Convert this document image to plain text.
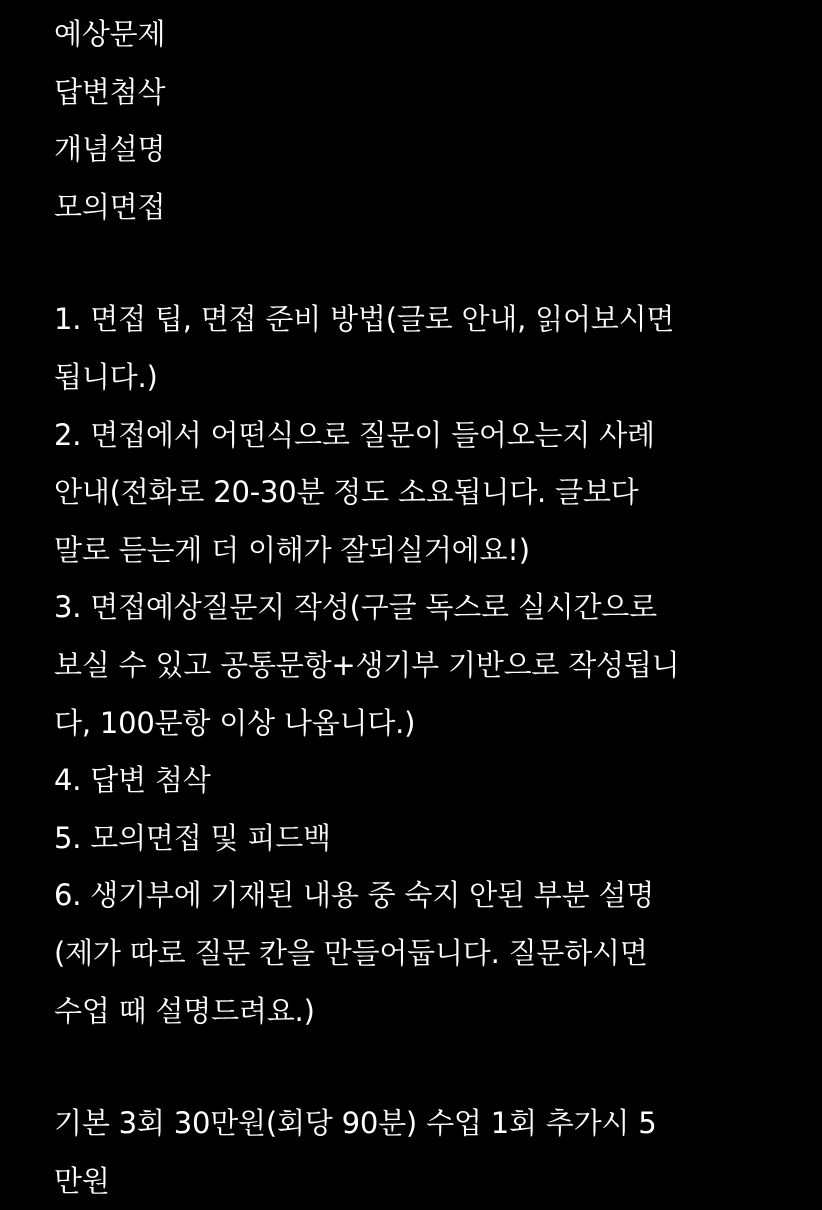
예상문제
답변첨삭
개념설명
모의면접
1. 면접 팁, 면접 준비 방법(글로 안내, 읽어보시면
됩니다.)
2. 면접에서 어떤식으로 질문이 들어오는지 사례
안내(전화로 20-30분 정도 소요됩니다. 글보다
말로 듣는게 더 이해가 잘되실거에요!)
3. 면접예상질문지 작성(구글 독스로 실시간으로
보실 수 있고 공통문항+생기부 기반으로 작성됩니
다, 100문항 이상 나옵니다.)
4. 답변 첨삭
5. 모의면접 및 피드백
6. 생기부에 기재된 내용 중 숙지 안된 부분 설명
(제가 따로 질문 칸을 만들어둡니다. 질문하시면
수업 때 설명드려요.)
기본 3회 30만원(회당 90분) 수업 1회 추가시 5
만원
